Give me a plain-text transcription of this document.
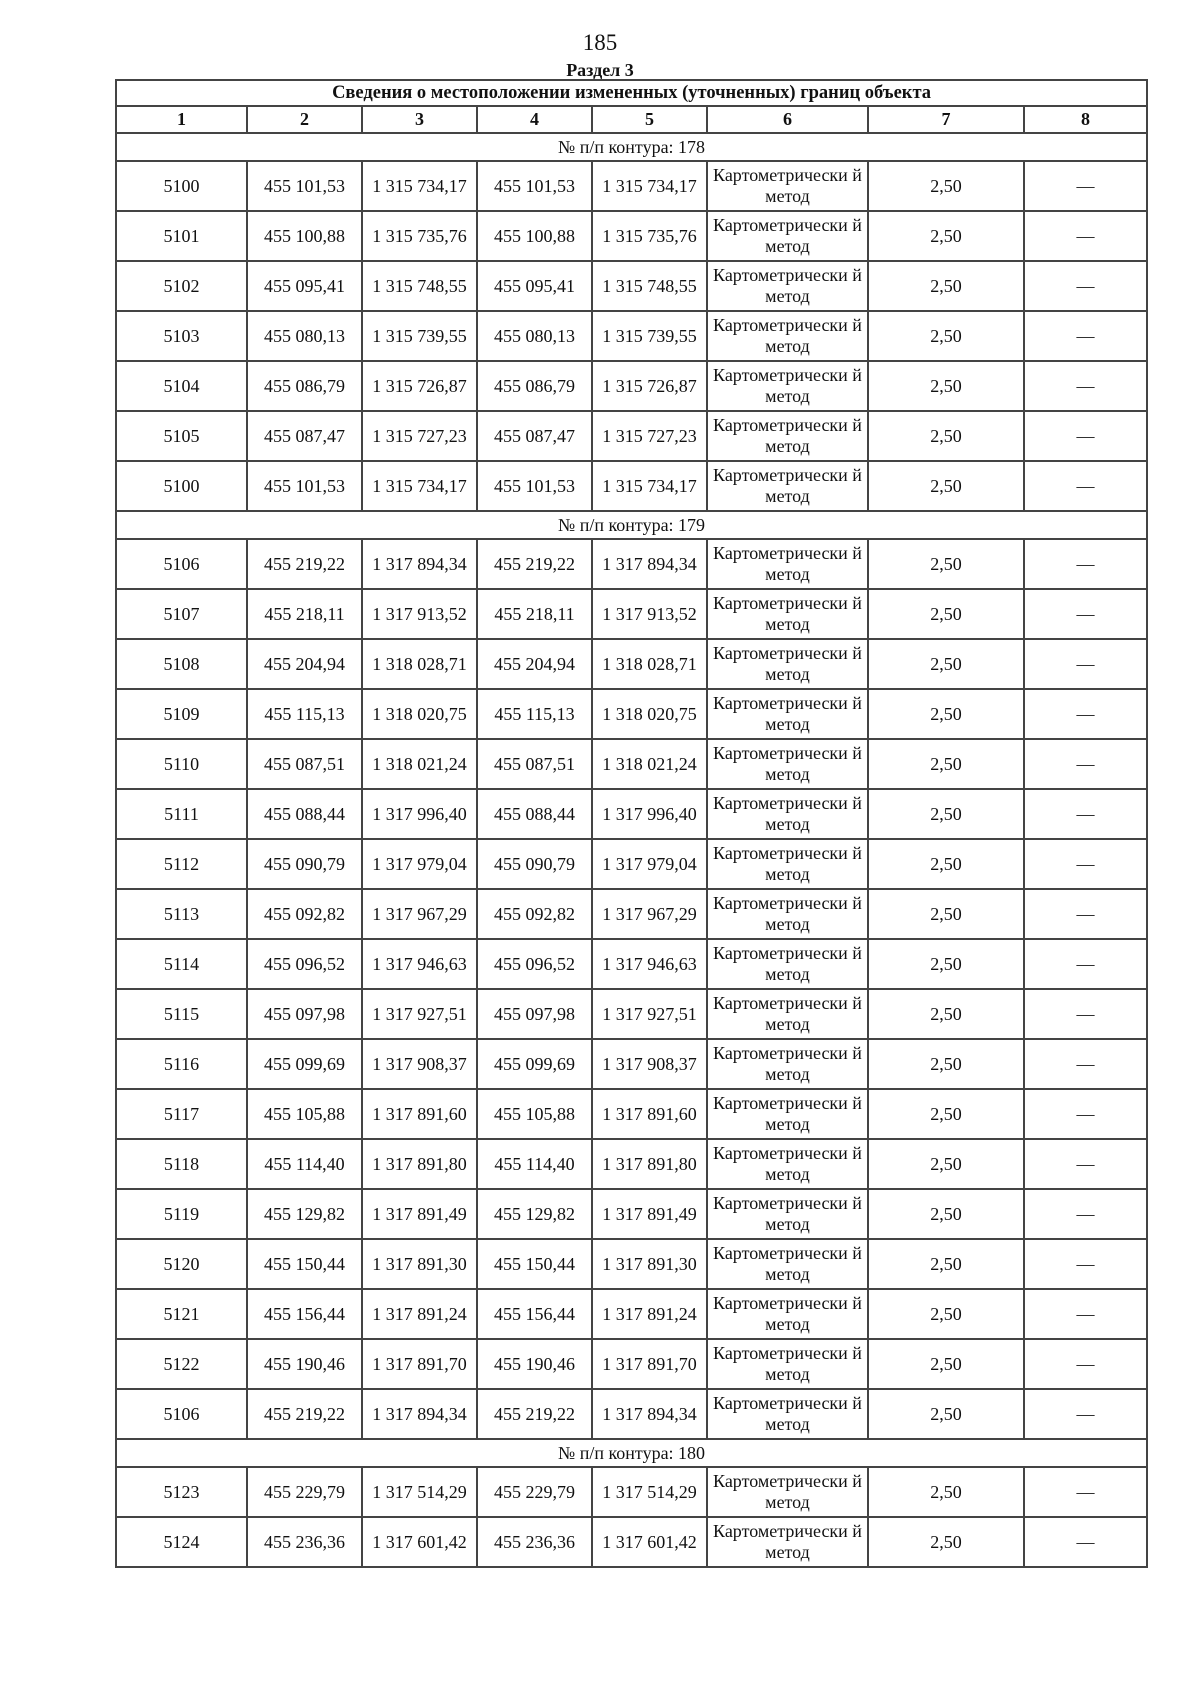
185
Раздел 3
Сведения о местоположении измененных (уточненных) границ объекта							
1	2	3	4	5	6	7	8
№ п/п контура: 178							
5100	455 101,53	1 315 734,17	455 101,53	1 315 734,17	Картометрически й метод	2,50	—
5101	455 100,88	1 315 735,76	455 100,88	1 315 735,76	Картометрически й метод	2,50	—
5102	455 095,41	1 315 748,55	455 095,41	1 315 748,55	Картометрически й метод	2,50	—
5103	455 080,13	1 315 739,55	455 080,13	1 315 739,55	Картометрически й метод	2,50	—
5104	455 086,79	1 315 726,87	455 086,79	1 315 726,87	Картометрически й метод	2,50	—
5105	455 087,47	1 315 727,23	455 087,47	1 315 727,23	Картометрически й метод	2,50	—
5100	455 101,53	1 315 734,17	455 101,53	1 315 734,17	Картометрически й метод	2,50	—
№ п/п контура: 179							
5106	455 219,22	1 317 894,34	455 219,22	1 317 894,34	Картометрически й метод	2,50	—
5107	455 218,11	1 317 913,52	455 218,11	1 317 913,52	Картометрически й метод	2,50	—
5108	455 204,94	1 318 028,71	455 204,94	1 318 028,71	Картометрически й метод	2,50	—
5109	455 115,13	1 318 020,75	455 115,13	1 318 020,75	Картометрически й метод	2,50	—
5110	455 087,51	1 318 021,24	455 087,51	1 318 021,24	Картометрически й метод	2,50	—
5111	455 088,44	1 317 996,40	455 088,44	1 317 996,40	Картометрически й метод	2,50	—
5112	455 090,79	1 317 979,04	455 090,79	1 317 979,04	Картометрически й метод	2,50	—
5113	455 092,82	1 317 967,29	455 092,82	1 317 967,29	Картометрически й метод	2,50	—
5114	455 096,52	1 317 946,63	455 096,52	1 317 946,63	Картометрически й метод	2,50	—
5115	455 097,98	1 317 927,51	455 097,98	1 317 927,51	Картометрически й метод	2,50	—
5116	455 099,69	1 317 908,37	455 099,69	1 317 908,37	Картометрически й метод	2,50	—
5117	455 105,88	1 317 891,60	455 105,88	1 317 891,60	Картометрически й метод	2,50	—
5118	455 114,40	1 317 891,80	455 114,40	1 317 891,80	Картометрически й метод	2,50	—
5119	455 129,82	1 317 891,49	455 129,82	1 317 891,49	Картометрически й метод	2,50	—
5120	455 150,44	1 317 891,30	455 150,44	1 317 891,30	Картометрически й метод	2,50	—
5121	455 156,44	1 317 891,24	455 156,44	1 317 891,24	Картометрически й метод	2,50	—
5122	455 190,46	1 317 891,70	455 190,46	1 317 891,70	Картометрически й метод	2,50	—
5106	455 219,22	1 317 894,34	455 219,22	1 317 894,34	Картометрически й метод	2,50	—
№ п/п контура: 180							
5123	455 229,79	1 317 514,29	455 229,79	1 317 514,29	Картометрически й метод	2,50	—
5124	455 236,36	1 317 601,42	455 236,36	1 317 601,42	Картометрически й метод	2,50	—
